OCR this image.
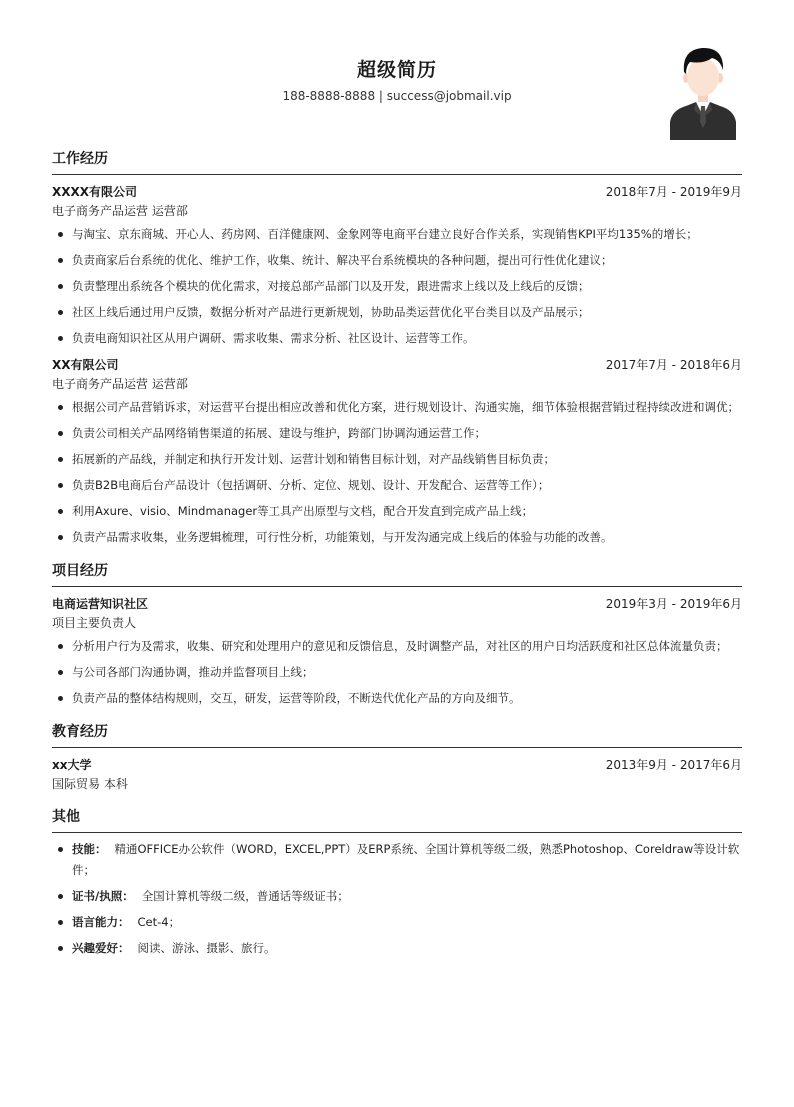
超级简历
188-8888-8888 | success@jobmail.vip
工作经历
XXXX有限公司	2018年7月 - 2019年9月
电子商务产品运营 运营部
与淘宝、京东商城、开心人、药房网、百洋健康网、金象网等电商平台建立良好合作关系，实现销售KPI平均135%的增长；
负责商家后台系统的优化、维护工作，收集、统计、解决平台系统模块的各种问题，提出可行性优化建议；
负责整理出系统各个模块的优化需求，对接总部产品部门以及开发，跟进需求上线以及上线后的反馈；
社区上线后通过用户反馈，数据分析对产品进行更新规划，协助品类运营优化平台类目以及产品展示；
负责电商知识社区从用户调研、需求收集、需求分析、社区设计、运营等工作。
XX有限公司	2017年7月 - 2018年6月
电子商务产品运营 运营部
根据公司产品营销诉求，对运营平台提出相应改善和优化方案，进行规划设计、沟通实施，细节体验根据营销过程持续改进和调优；
负责公司相关产品网络销售渠道的拓展、建设与维护，跨部门协调沟通运营工作；
拓展新的产品线，并制定和执行开发计划、运营计划和销售目标计划，对产品线销售目标负责；
负责B2B电商后台产品设计（包括调研、分析、定位、规划、设计、开发配合、运营等工作）；
利用Axure、visio、Mindmanager等工具产出原型与文档，配合开发直到完成产品上线；
负责产品需求收集，业务逻辑梳理，可行性分析，功能策划，与开发沟通完成上线后的体验与功能的改善。
项目经历
电商运营知识社区	2019年3月 - 2019年6月
项目主要负责人
分析用户行为及需求，收集、研究和处理用户的意见和反馈信息，及时调整产品，对社区的用户日均活跃度和社区总体流量负责；
与公司各部门沟通协调，推动并监督项目上线；
负责产品的整体结构规则，交互，研发，运营等阶段，不断迭代优化产品的方向及细节。
教育经历
xx大学	2013年9月 - 2017年6月
国际贸易 本科
其他
技能： 精通OFFICE办公软件（WORD，EXCEL,PPT）及ERP系统、全国计算机等级二级，熟悉Photoshop、Coreldraw等设计软件；
证书/执照： 全国计算机等级二级，普通话等级证书；
语言能力： Cet-4；
兴趣爱好： 阅读、游泳、摄影、旅行。
